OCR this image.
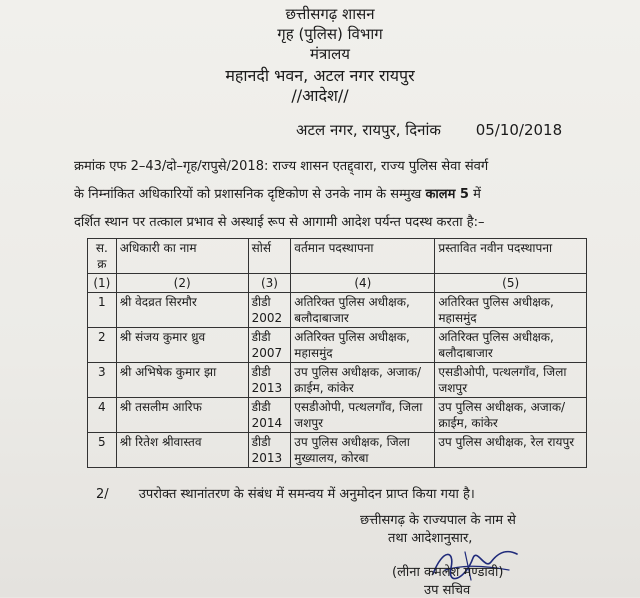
छत्तीसगढ़ शासन
गृह (पुलिस) विभाग
मंत्रालय
महानदी भवन, अटल नगर रायपुर
//आदेश//
अटल नगर, रायपुर, दिनांक 05/10/2018
क्रमांक एफ 2–43/दो–गृह/रापुसे/2018: राज्य शासन एतद्द्वारा, राज्य पुलिस सेवा संवर्ग
के निम्नांकित अधिकारियों को प्रशासनिक दृष्टिकोण से उनके नाम के सम्मुख कालम 5 में
दर्शित स्थान पर तत्काल प्रभाव से अस्थाई रूप से आगामी आदेश पर्यन्त पदस्थ करता है:–
स. क्र	अधिकारी का नाम	सोर्स	वर्तमान पदस्थापना	प्रस्तावित नवीन पदस्थापना
(1)	(2)	(3)	(4)	(5)
1	श्री वेदव्रत सिरमौर	डीडी 2002	अतिरिक्त पुलिस अधीक्षक, बलौदाबाजार	अतिरिक्त पुलिस अधीक्षक, महासमुंद
2	श्री संजय कुमार ध्रुव	डीडी 2007	अतिरिक्त पुलिस अधीक्षक, महासमुंद	अतिरिक्त पुलिस अधीक्षक, बलौदाबाजार
3	श्री अभिषेक कुमार झा	डीडी 2013	उप पुलिस अधीक्षक, अजाक/क्राईम, कांकेर	एसडीओपी, पत्थलगाँव, जिला जशपुर
4	श्री तसलीम आरिफ	डीडी 2014	एसडीओपी, पत्थलगाँव, जिला जशपुर	उप पुलिस अधीक्षक, अजाक/क्राईम, कांकेर
5	श्री रितेश श्रीवास्तव	डीडी 2013	उप पुलिस अधीक्षक, जिला मुख्यालय, कोरबा	उप पुलिस अधीक्षक, रेल रायपुर
2/ उपरोक्त स्थानांतरण के संबंध में समन्वय में अनुमोदन प्राप्त किया गया है।
छत्तीसगढ़ के राज्यपाल के नाम से
तथा आदेशानुसार,
(लीना कमलेश मण्डावी)
उप सचिव
